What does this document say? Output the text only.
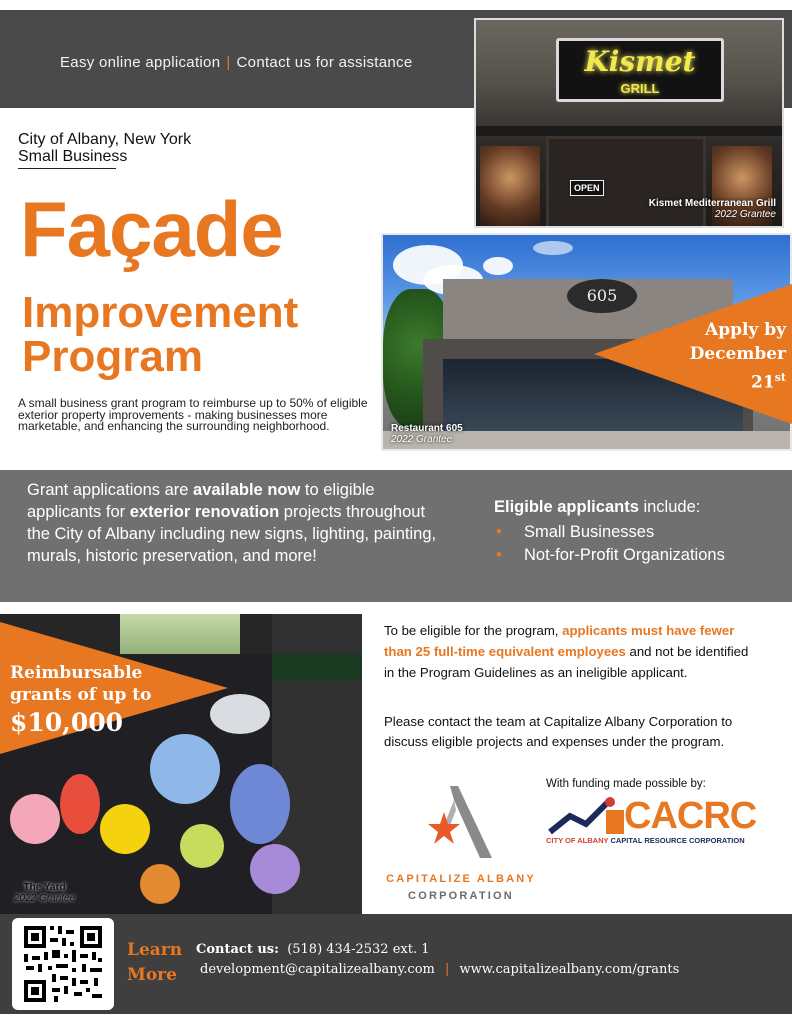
Easy online application | Contact us for assistance	Kismet
GRILL
OPEN
Kismet Mediterranean Grill
2022 Grantee
City of Albany, New York
Small Business
Façade
Improvement
Program
A small business grant program to reimburse up to 50% of eligible exterior property improvements - making businesses more marketable, and enhancing the surrounding neighborhood.
605
Restaurant 605
2022 Grantee
Apply by
December
21st
Grant applications are available now to eligible applicants for exterior renovation projects throughout the City of Albany including new signs, lighting, painting, murals, historic preservation, and more!
Eligible applicants include:
• Small Businesses
• Not-for-Profit Organizations
The Yard
2022 Grantee
Reimbursable
grants of up to
$10,000
To be eligible for the program, applicants must have fewer than 25 full-time equivalent employees and not be identified in the Program Guidelines as an ineligible applicant.
Please contact the team at Capitalize Albany Corporation to discuss eligible projects and expenses under the program.
With funding made possible by:
CACRC
CITY OF ALBANY CAPITAL RESOURCE CORPORATION
CAPITALIZE ALBANY
CORPORATION
Learn
More
Contact us: (518) 434-2532 ext. 1
development@capitalizealbany.com | www.capitalizealbany.com/grants
